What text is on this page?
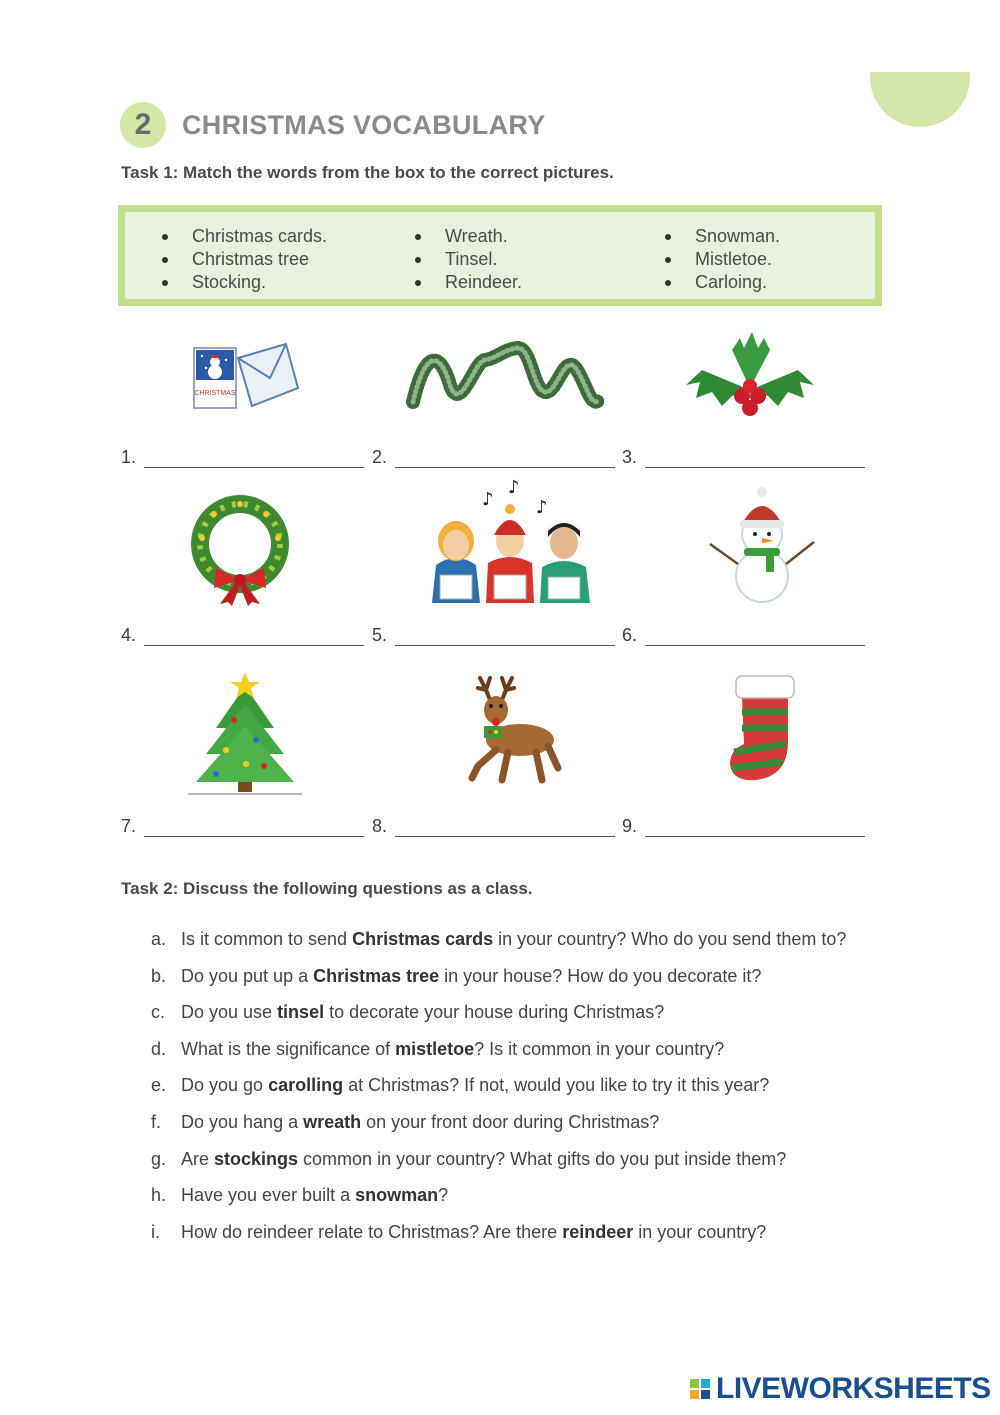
2	CHRISTMAS VOCABULARY
Task 1: Match the words from the box to the correct pictures.
Christmas cards.
Christmas tree
Stocking.
Wreath.
Tinsel.
Reindeer.
Snowman.
Mistletoe.
Carloing.
CHRISTMAS
1.	2.	3.
♪
♪
♪
4.	5.	6.
7.	8.	9.
Task 2: Discuss the following questions as a class.
a. Is it common to send Christmas cards in your country? Who do you send them to?
b. Do you put up a Christmas tree in your house? How do you decorate it?
c. Do you use tinsel to decorate your house during Christmas?
d. What is the significance of mistletoe? Is it common in your country?
e. Do you go carolling at Christmas? If not, would you like to try it this year?
f.	Do you hang a wreath on your front door during Christmas?
g. Are stockings common in your country? What gifts do you put inside them?
h. Have you ever built a snowman?
i.	How do reindeer relate to Christmas? Are there reindeer in your country?
LIVEWORKSHEETS
